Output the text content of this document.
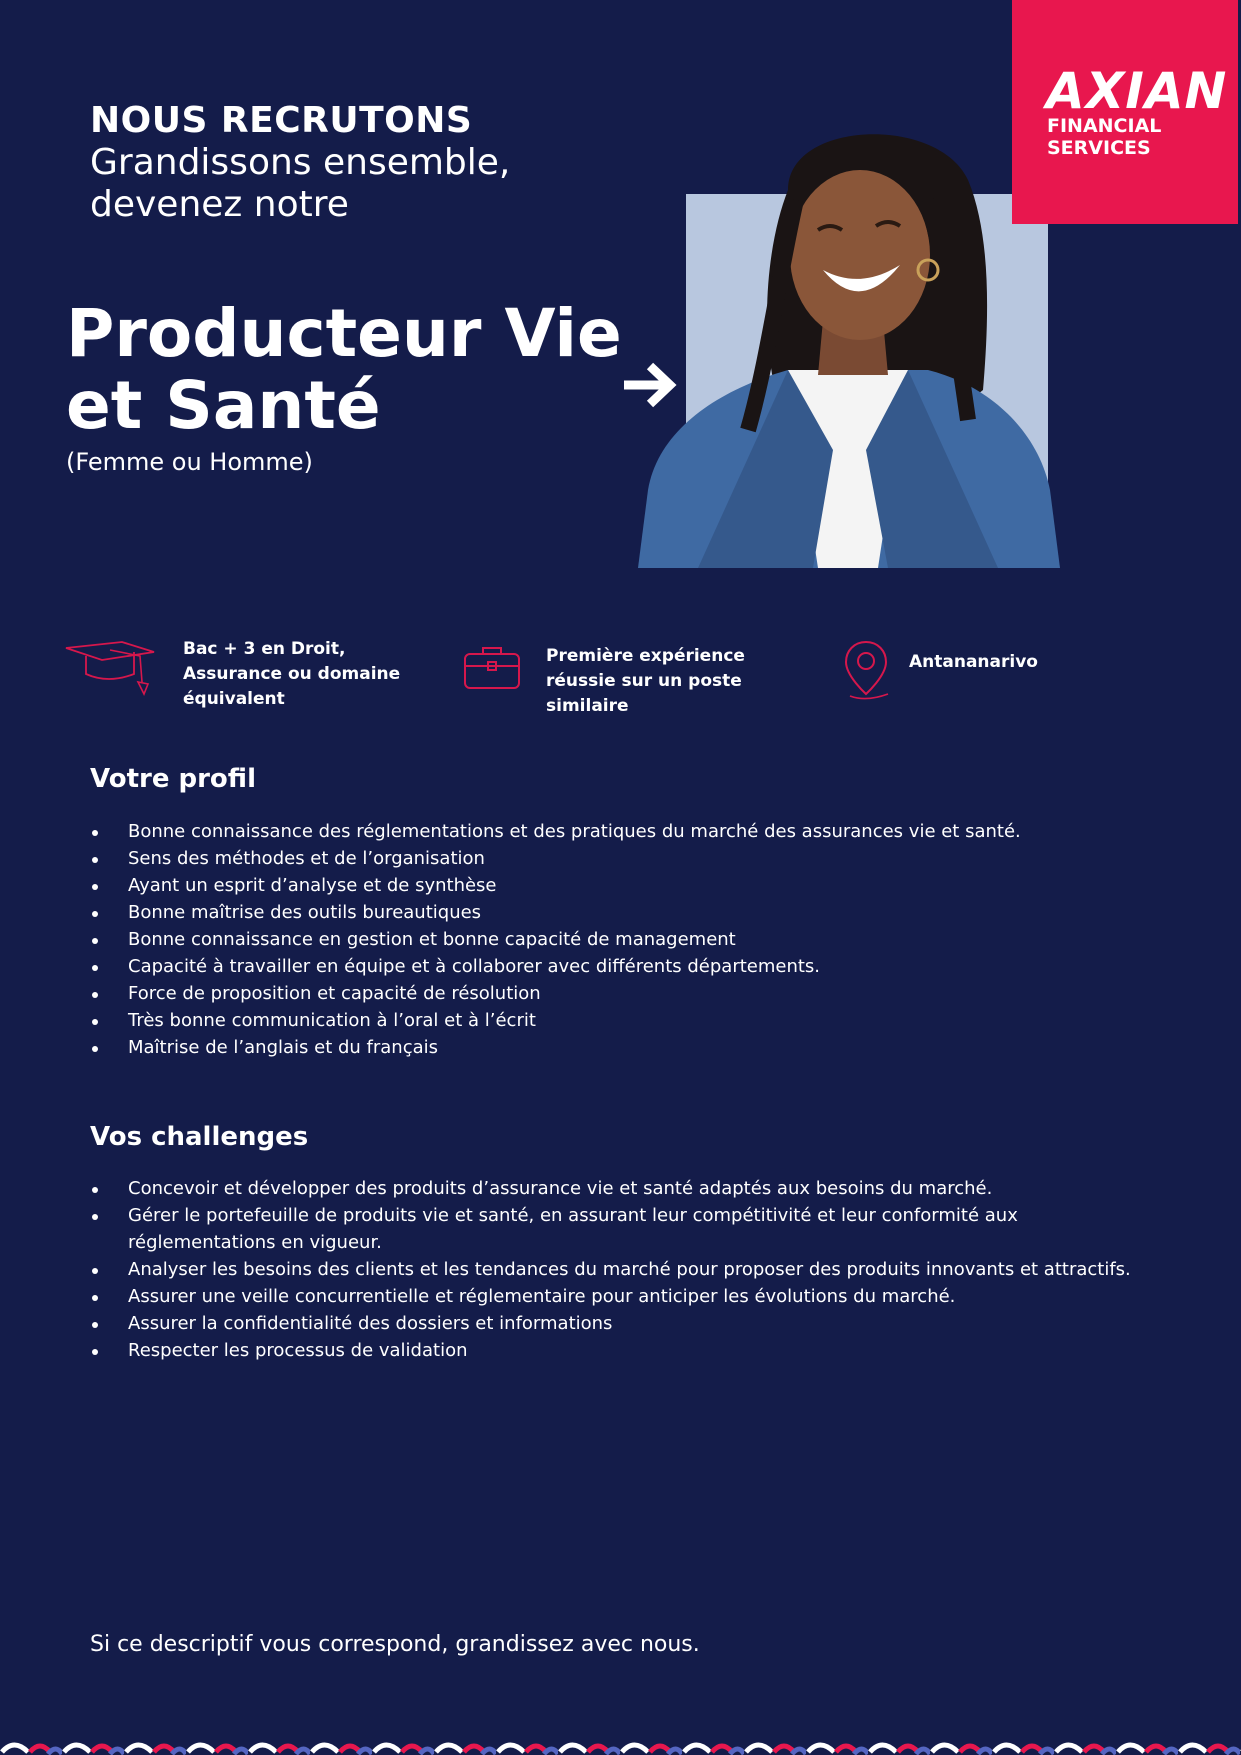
NOUS RECRUTONS
Grandissons ensemble, devenez notre
Producteur Vie et Santé
(Femme ou Homme)
AXIAN
FINANCIAL
SERVICES
Bac + 3 en Droit, Assurance ou domaine équivalent
Première expérience réussie sur un poste similaire
Antananarivo
Votre profil
Bonne connaissance des réglementations et des pratiques du marché des assurances vie et santé.
Sens des méthodes et de l’organisation
Ayant un esprit d’analyse et de synthèse
Bonne maîtrise des outils bureautiques
Bonne connaissance en gestion et bonne capacité de management
Capacité à travailler en équipe et à collaborer avec différents départements.
Force de proposition et capacité de résolution
Très bonne communication à l’oral et à l’écrit
Maîtrise de l’anglais et du français
Vos challenges
Concevoir et développer des produits d’assurance vie et santé adaptés aux besoins du marché.
Gérer le portefeuille de produits vie et santé, en assurant leur compétitivité et leur conformité aux réglementations en vigueur.
Analyser les besoins des clients et les tendances du marché pour proposer des produits innovants et attractifs.
Assurer une veille concurrentielle et réglementaire pour anticiper les évolutions du marché.
Assurer la confidentialité des dossiers et informations
Respecter les processus de validation
Si ce descriptif vous correspond, grandissez avec nous.
